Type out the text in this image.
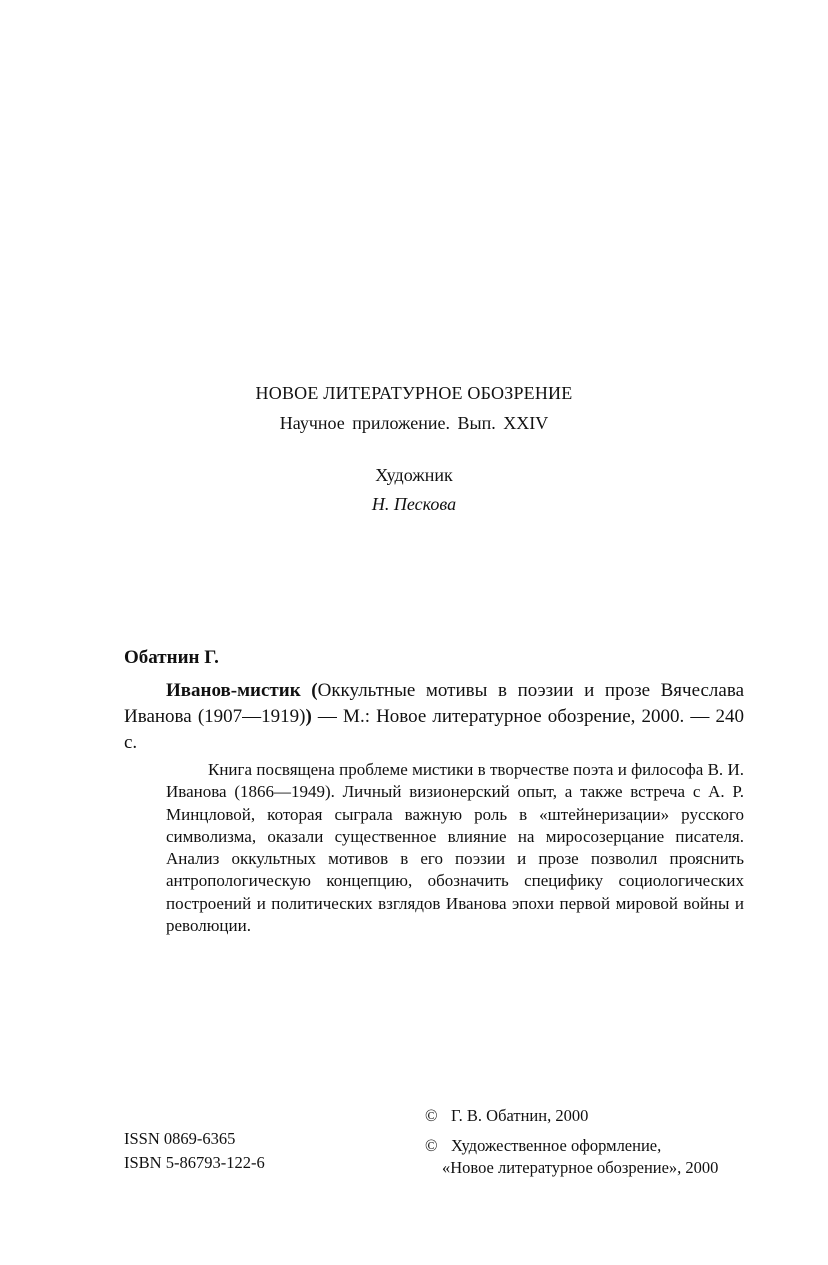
НОВОЕ ЛИТЕРАТУРНОЕ ОБОЗРЕНИЕ
Научное приложение. Вып. XXIV
Художник
Н. Пескова
Обатнин Г.

Иванов-мистик (Оккультные мотивы в поэзии и прозе Вячеслава Иванова (1907—1919)) — М.: Новое литературное обозрение, 2000. — 240 с.

Книга посвящена проблеме мистики в творчестве поэта и философа В. И. Иванова (1866—1949). Личный визионерский опыт, а также встреча с А. Р. Минцловой, которая сыграла важную роль в «штейнеризации» русского символизма, оказали существенное влияние на миросозерцание писателя. Анализ оккультных мотивов в его поэзии и прозе позволил прояснить антропологическую концепцию, обозначить специфику социологических построений и политических взглядов Иванова эпохи первой мировой войны и революции.

ISSN 0869-6365
ISBN 5-86793-122-6
© Г. В. Обатнин, 2000
© Художественное оформление,
«Новое литературное обозрение», 2000
